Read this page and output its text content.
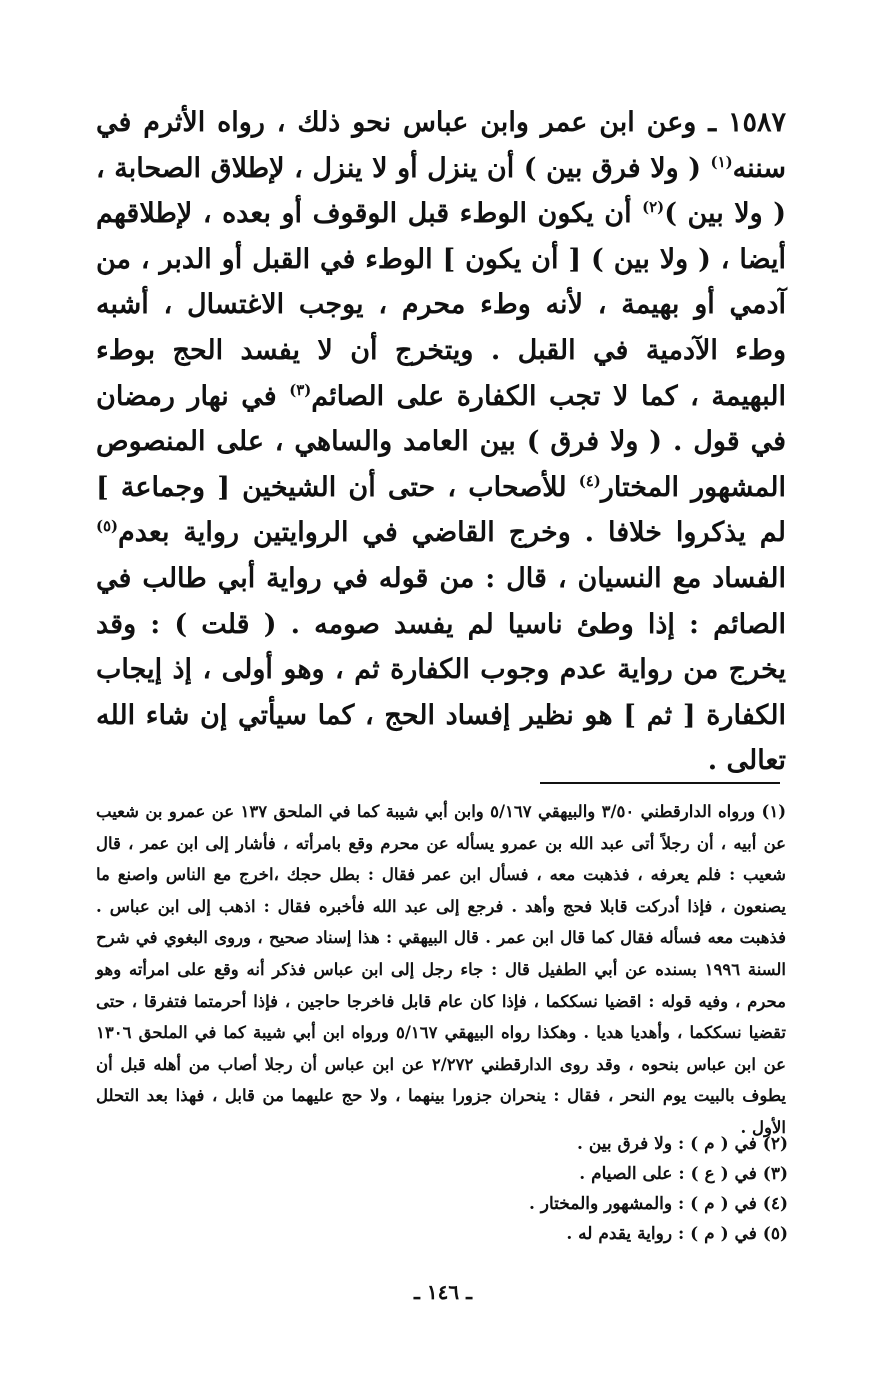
١٥٨٧ ـ وعن ابن عمر وابن عباس نحو ذلك ، رواه الأثرم في سننه$^{(١)}$ ( ولا فرق بين ) أن ينزل أو لا ينزل ، لإطلاق الصحابة ، ( ولا بين )$^{(٢)}$ أن يكون الوطء قبل الوقوف أو بعده ، لإطلاقهم أيضا ، ( ولا بين ) [ أن يكون ] الوطء في القبل أو الدبر ، من آدمي أو بهيمة ، لأنه وطء محرم ، يوجب الاغتسال ، أشبه وطء الآدمية في القبل . ويتخرج أن لا يفسد الحج بوطء البهيمة ، كما لا تجب الكفارة على الصائم$^{(٣)}$ في نهار رمضان في قول . ( ولا فرق ) بين العامد والساهي ، على المنصوص المشهور المختار$^{(٤)}$ للأصحاب ، حتى أن الشيخين [ وجماعة ] لم يذكروا خلافا . وخرج القاضي في الروايتين رواية بعدم$^{(٥)}$ الفساد مع النسيان ، قال : من قوله في رواية أبي طالب في الصائم : إذا وطئ ناسيا لم يفسد صومه . ( قلت ) : وقد يخرج من رواية عدم وجوب الكفارة ثم ، وهو أولى ، إذ إيجاب الكفارة [ ثم ] هو نظير إفساد الحج ، كما سيأتي إن شاء الله تعالى .
(١) ورواه الدارقطني ٣/٥٠ والبيهقي ٥/١٦٧ وابن أبي شيبة كما في الملحق ١٣٧ عن عمرو بن شعيب عن أبيه ، أن رجلاً أتى عبد الله بن عمرو يسأله عن محرم وقع بامرأته ، فأشار إلى ابن عمر ، قال شعيب : فلم يعرفه ، فذهبت معه ، فسأل ابن عمر فقال : بطل حجك ،اخرج مع الناس واصنع ما يصنعون ، فإذا أدركت قابلا فحج وأهد . فرجع إلى عبد الله فأخبره فقال : اذهب إلى ابن عباس . فذهبت معه فسأله فقال كما قال ابن عمر . قال البيهقي : هذا إسناد صحيح ، وروى البغوي في شرح السنة ١٩٩٦ بسنده عن أبي الطفيل قال : جاء رجل إلى ابن عباس فذكر أنه وقع على امرأته وهو محرم ، وفيه قوله : اقضيا نسككما ، فإذا كان عام قابل فاخرجا حاجين ، فإذا أحرمتما فتفرقا ، حتى تقضيا نسككما ، وأهديا هديا . وهكذا رواه البيهقي ٥/١٦٧ ورواه ابن أبي شيبة كما في الملحق ١٣٠٦ عن ابن عباس بنحوه ، وقد روى الدارقطني ٢/٢٧٢ عن ابن عباس أن رجلا أصاب من أهله قبل أن يطوف بالبيت يوم النحر ، فقال : ينحران جزورا بينهما ، ولا حج عليهما من قابل ، فهذا بعد التحلل الأول .
(٢) في ( م ) : ولا فرق بين .
(٣) في ( ع ) : على الصيام .
(٤) في ( م ) : والمشهور والمختار .
(٥) في ( م ) : رواية يقدم له .
ـ ١٤٦ ـ
